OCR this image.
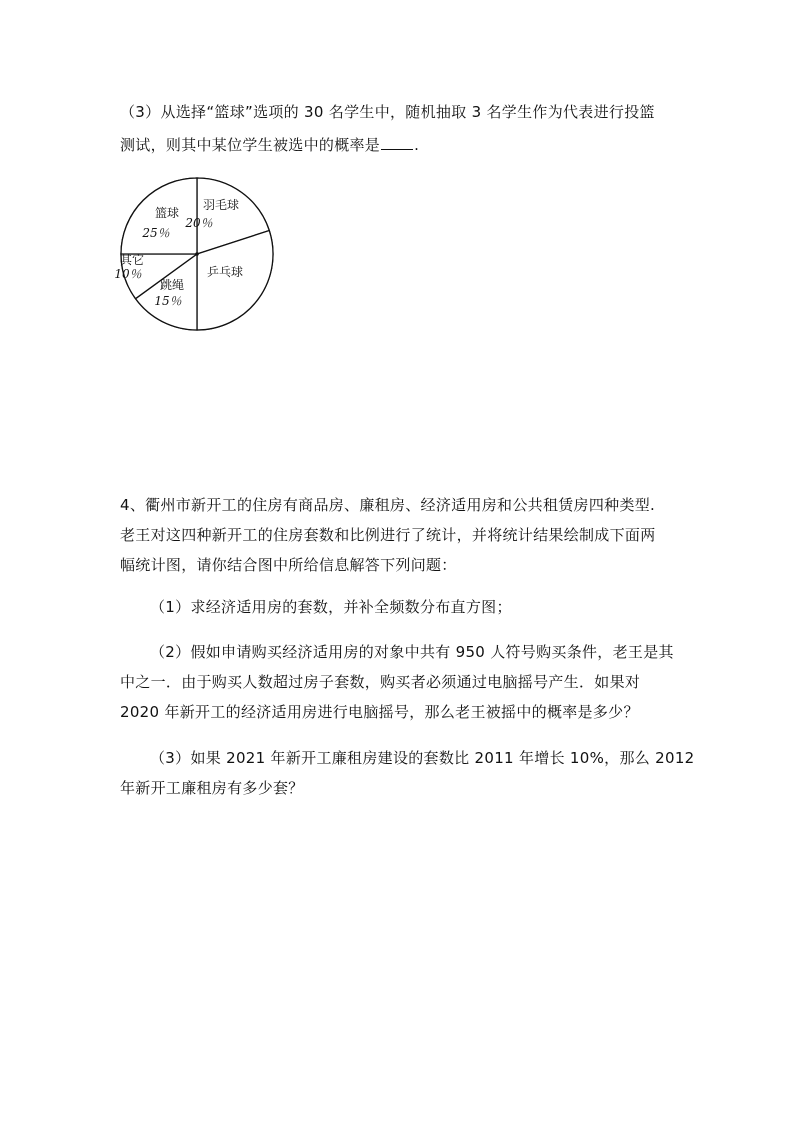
（3）从选择“篮球”选项的 30 名学生中，随机抽取 3 名学生作为代表进行投篮
测试，则其中某位学生被选中的概率是 .
羽毛球
20％
乒乓球
跳绳
15％
其它
10％
篮球
25％
4、衢州市新开工的住房有商品房、廉租房、经济适用房和公共租赁房四种类型.
老王对这四种新开工的住房套数和比例进行了统计，并将统计结果绘制成下面两
幅统计图，请你结合图中所给信息解答下列问题：
（1）求经济适用房的套数，并补全频数分布直方图；
（2）假如申请购买经济适用房的对象中共有 950 人符号购买条件，老王是其
中之一．由于购买人数超过房子套数，购买者必须通过电脑摇号产生．如果对
2020 年新开工的经济适用房进行电脑摇号，那么老王被摇中的概率是多少？
（3）如果 2021 年新开工廉租房建设的套数比 2011 年增长 10%，那么 2012
年新开工廉租房有多少套？
